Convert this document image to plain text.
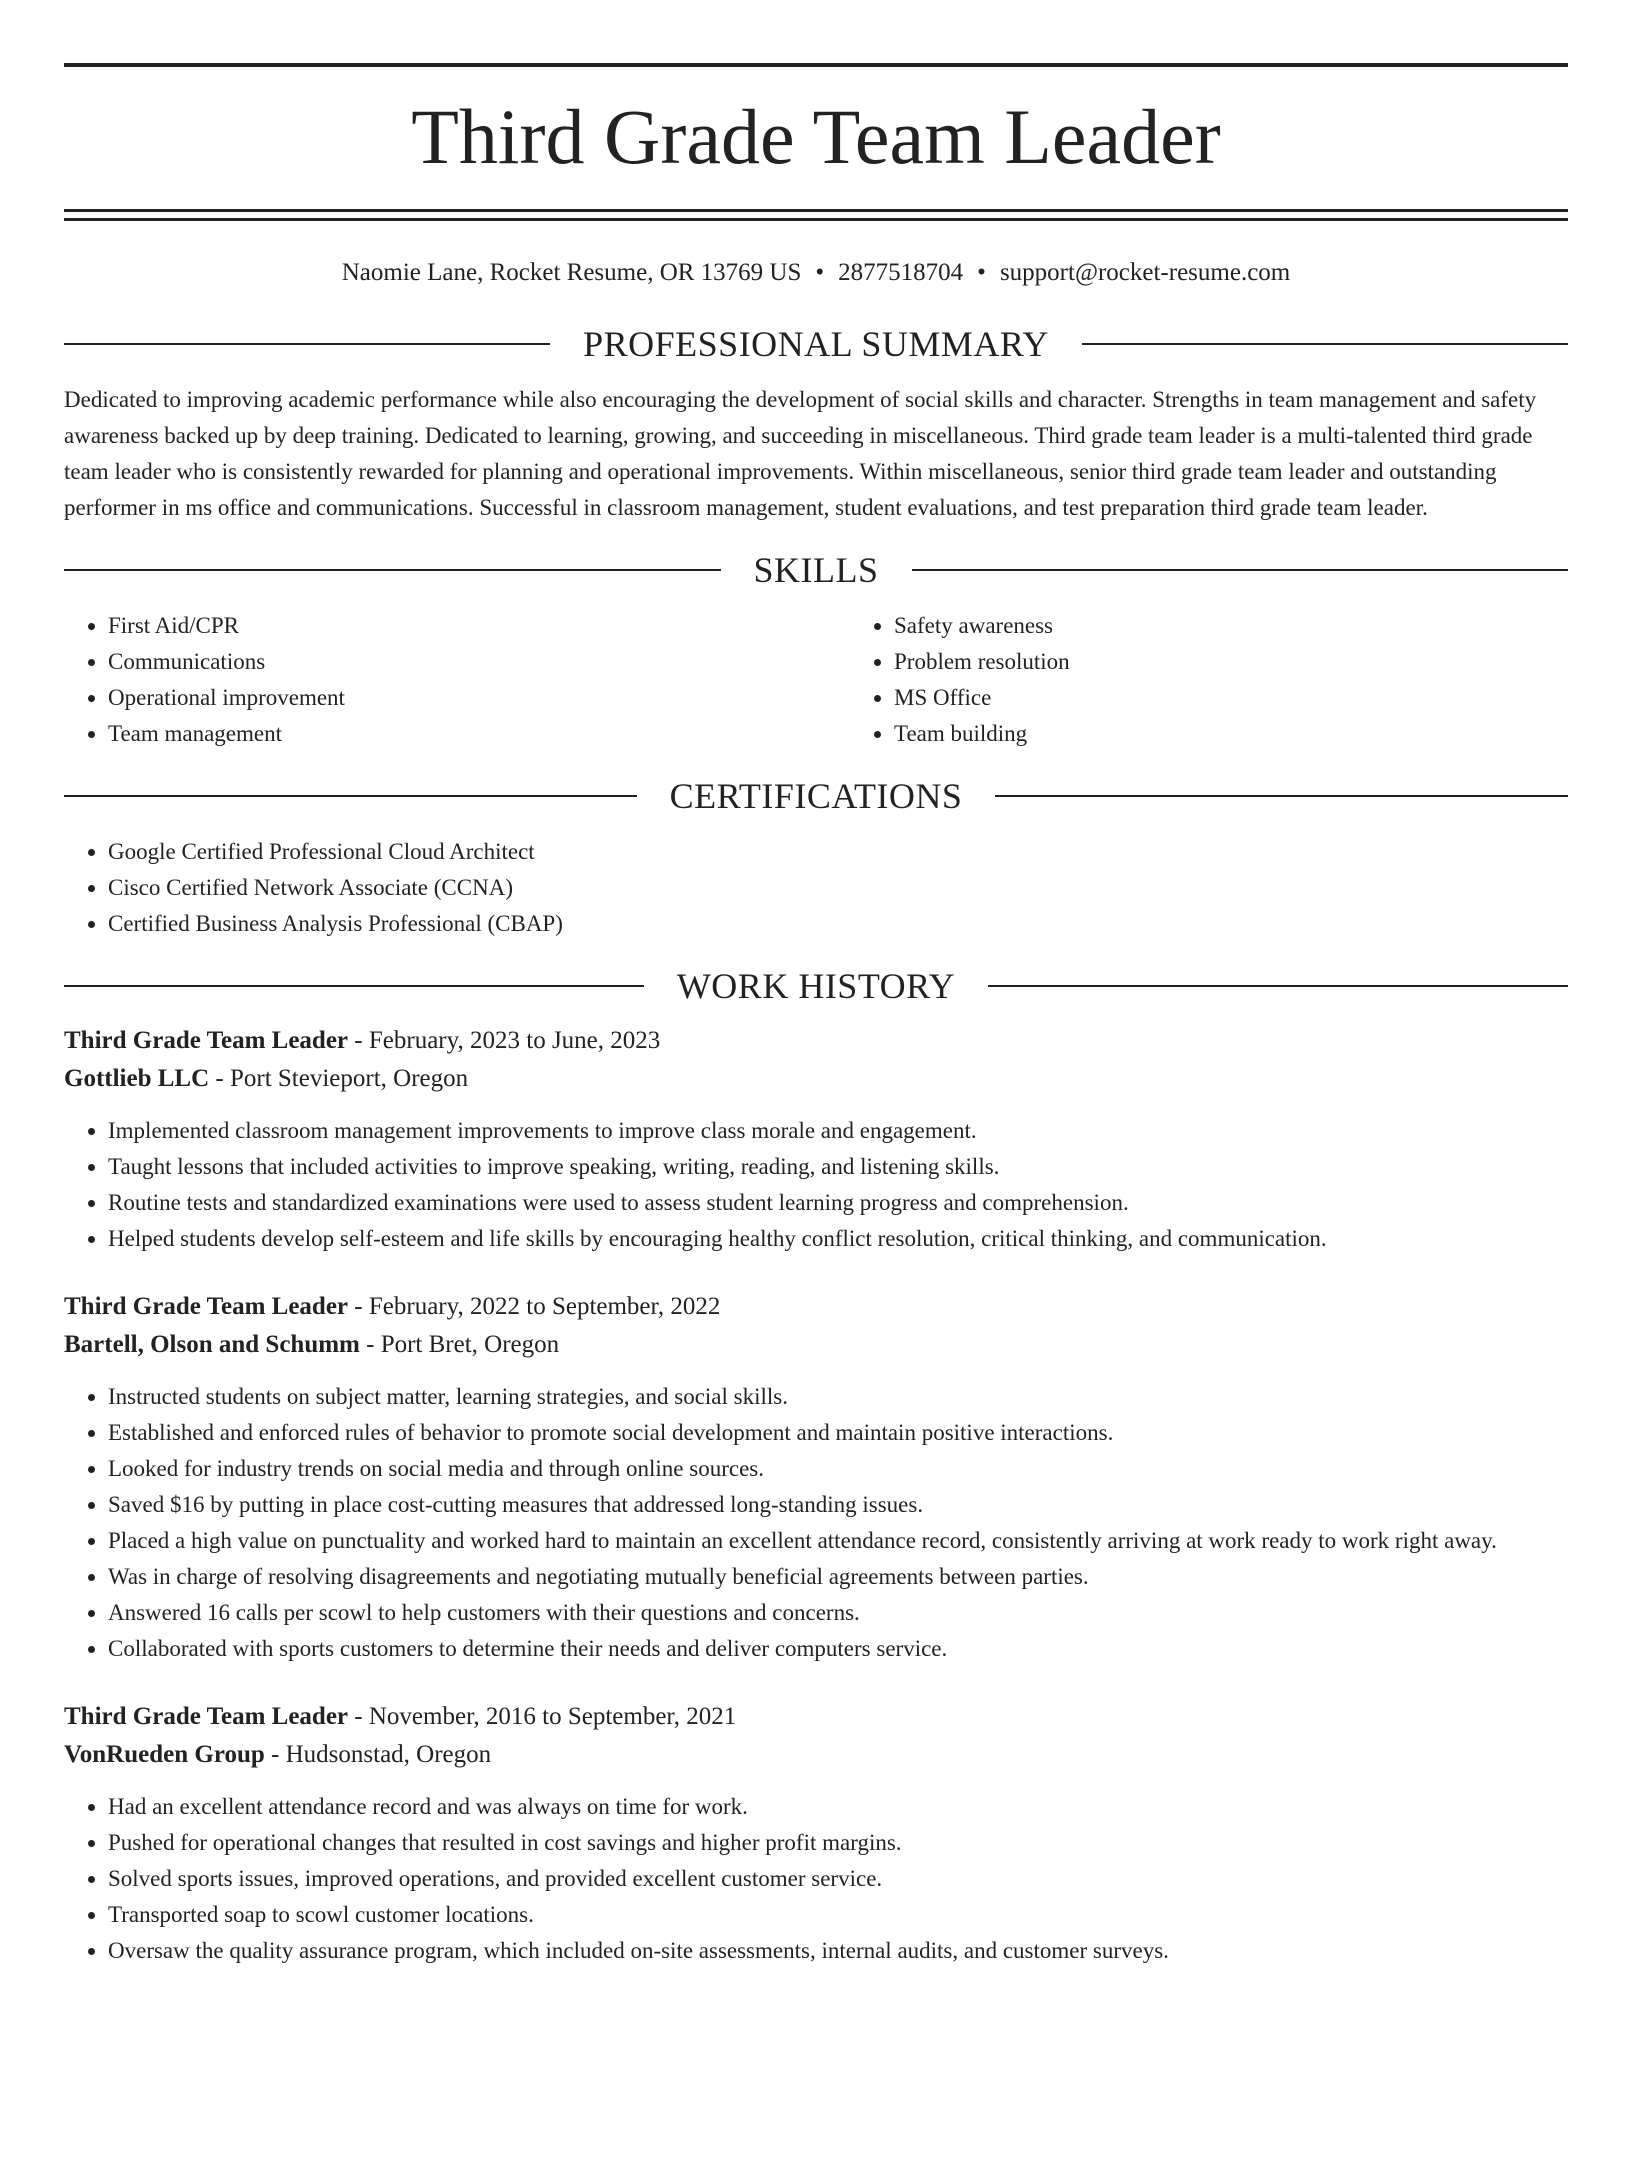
Third Grade Team Leader
Naomie Lane, Rocket Resume, OR 13769 US • 2877518704 • support@rocket-resume.com
PROFESSIONAL SUMMARY

Dedicated to improving academic performance while also encouraging the development of social skills and character. Strengths in team management and safety awareness backed up by deep training. Dedicated to learning, growing, and succeeding in miscellaneous. Third grade team leader is a multi-talented third grade team leader who is consistently rewarded for planning and operational improvements. Within miscellaneous, senior third grade team leader and outstanding performer in ms office and communications. Successful in classroom management, student evaluations, and test preparation third grade team leader.

SKILLS
• First Aid/CPR
• Communications
• Operational improvement
• Team management
• Safety awareness
• Problem resolution
• MS Office
• Team building
CERTIFICATIONS
• Google Certified Professional Cloud Architect
• Cisco Certified Network Associate (CCNA)
• Certified Business Analysis Professional (CBAP)
WORK HISTORY
Third Grade Team Leader - February, 2023 to June, 2023
Gottlieb LLC - Port Stevieport, Oregon
• Implemented classroom management improvements to improve class morale and engagement.
• Taught lessons that included activities to improve speaking, writing, reading, and listening skills.
• Routine tests and standardized examinations were used to assess student learning progress and comprehension.
• Helped students develop self-esteem and life skills by encouraging healthy conflict resolution, critical thinking, and communication.
Third Grade Team Leader - February, 2022 to September, 2022
Bartell, Olson and Schumm - Port Bret, Oregon
• Instructed students on subject matter, learning strategies, and social skills.
• Established and enforced rules of behavior to promote social development and maintain positive interactions.
• Looked for industry trends on social media and through online sources.
• Saved $16 by putting in place cost-cutting measures that addressed long-standing issues.
• Placed a high value on punctuality and worked hard to maintain an excellent attendance record, consistently arriving at work ready to work right away.
• Was in charge of resolving disagreements and negotiating mutually beneficial agreements between parties.
• Answered 16 calls per scowl to help customers with their questions and concerns.
• Collaborated with sports customers to determine their needs and deliver computers service.
Third Grade Team Leader - November, 2016 to September, 2021
VonRueden Group - Hudsonstad, Oregon
• Had an excellent attendance record and was always on time for work.
• Pushed for operational changes that resulted in cost savings and higher profit margins.
• Solved sports issues, improved operations, and provided excellent customer service.
• Transported soap to scowl customer locations.
• Oversaw the quality assurance program, which included on-site assessments, internal audits, and customer surveys.
